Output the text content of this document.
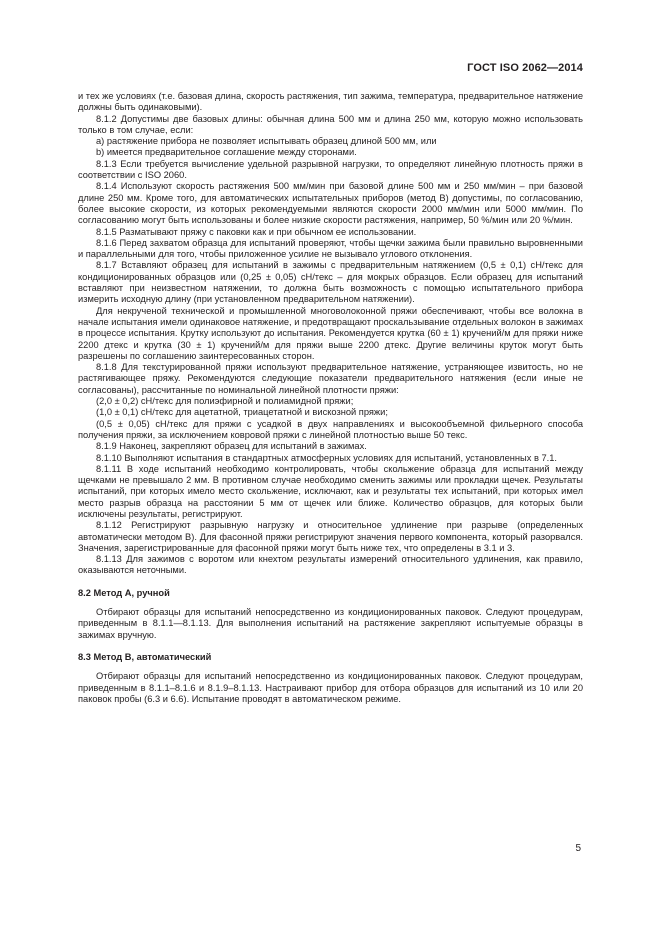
ГОСТ ISO 2062—2014

и тех же условиях (т.е. базовая длина, скорость растяжения, тип зажима, температура, предварительное натяжение должны быть одинаковыми).

8.1.2 Допустимы две базовых длины: обычная длина 500 мм и длина 250 мм, которую можно использовать только в том случае, если:

a) растяжение прибора не позволяет испытывать образец длиной 500 мм, или

b) имеется предварительное соглашение между сторонами.

8.1.3 Если требуется вычисление удельной разрывной нагрузки, то определяют линейную плотность пряжи в соответствии с ISO 2060.

8.1.4 Используют скорость растяжения 500 мм/мин при базовой длине 500 мм и 250 мм/мин – при базовой длине 250 мм. Кроме того, для автоматических испытательных приборов (метод В) допустимы, по согласованию, более высокие скорости, из которых рекомендуемыми являются скорости 2000 мм/мин или 5000 мм/мин. По согласованию могут быть использованы и более низкие скорости растяжения, например, 50 %/мин или 20 %/мин.

8.1.5 Разматывают пряжу с паковки как и при обычном ее использовании.

8.1.6 Перед захватом образца для испытаний проверяют, чтобы щечки зажима были правильно выровненными и параллельными для того, чтобы приложенное усилие не вызывало углового отклонения.

8.1.7 Вставляют образец для испытаний в зажимы с предварительным натяжением (0,5 ± 0,1) сН/текс для кондиционированных образцов или (0,25 ± 0,05) сН/текс – для мокрых образцов. Если образец для испытаний вставляют при неизвестном натяжении, то должна быть возможность с помощью испытательного прибора измерить исходную длину (при установленном предварительном натяжении).

Для некрученой технической и промышленной многоволоконной пряжи обеспечивают, чтобы все волокна в начале испытания имели одинаковое натяжение, и предотвращают проскальзывание отдельных волокон в зажимах в процессе испытания. Крутку используют до испытания. Рекомендуется крутка (60 ± 1) кручений/м для пряжи ниже 2200 дтекс и крутка (30 ± 1) кручений/м для пряжи выше 2200 дтекс. Другие величины круток могут быть разрешены по соглашению заинтересованных сторон.

8.1.8 Для текстурированной пряжи используют предварительное натяжение, устраняющее извитость, но не растягивающее пряжу. Рекомендуются следующие показатели предварительного натяжения (если иные не согласованы), рассчитанные по номинальной линейной плотности пряжи:

(2,0 ± 0,2) сН/текс для полиэфирной и полиамидной пряжи;

(1,0 ± 0,1) сН/текс для ацетатной, триацетатной и вискозной пряжи;

(0,5 ± 0,05) сН/текс для пряжи с усадкой в двух направлениях и высокообъемной фильерного способа получения пряжи, за исключением ковровой пряжи с линейной плотностью выше 50 текс.

8.1.9 Наконец, закрепляют образец для испытаний в зажимах.

8.1.10 Выполняют испытания в стандартных атмосферных условиях для испытаний, установленных в 7.1.

8.1.11 В ходе испытаний необходимо контролировать, чтобы скольжение образца для испытаний между щечками не превышало 2 мм. В противном случае необходимо сменить зажимы или прокладки щечек. Результаты испытаний, при которых имело место скольжение, исключают, как и результаты тех испытаний, при которых имел место разрыв образца на расстоянии 5 мм от щечек или ближе. Количество образцов, для которых были исключены результаты, регистрируют.

8.1.12 Регистрируют разрывную нагрузку и относительное удлинение при разрыве (определенных автоматически методом В). Для фасонной пряжи регистрируют значения первого компонента, который разорвался. Значения, зарегистрированные для фасонной пряжи могут быть ниже тех, что определены в 3.1 и 3.

8.1.13 Для зажимов с воротом или кнехтом результаты измерений относительного удлинения, как правило, оказываются неточными.

8.2 Метод А, ручной

Отбирают образцы для испытаний непосредственно из кондиционированных паковок. Следуют процедурам, приведенным в 8.1.1—8.1.13. Для выполнения испытаний на растяжение закрепляют испытуемые образцы в зажимах вручную.

8.3 Метод В, автоматический

Отбирают образцы для испытаний непосредственно из кондиционированных паковок. Следуют процедурам, приведенным в 8.1.1–8.1.6 и 8.1.9–8.1.13. Настраивают прибор для отбора образцов для испытаний из 10 или 20 паковок пробы (6.3 и 6.6). Испытание проводят в автоматическом режиме.

5
